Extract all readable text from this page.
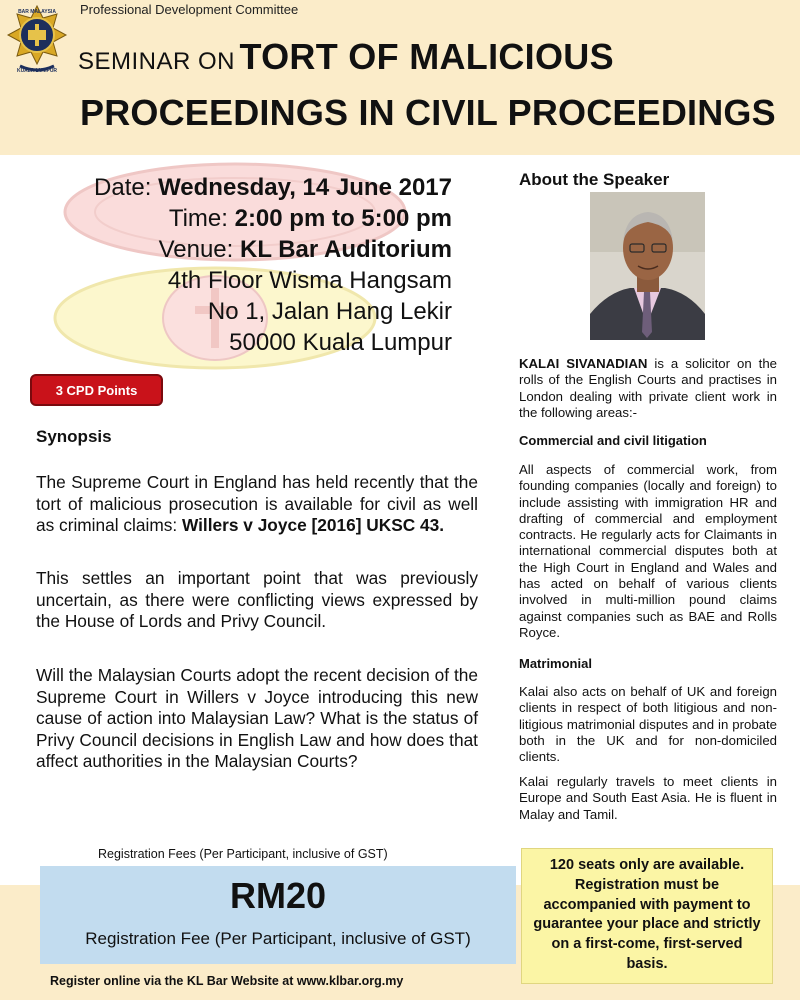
BAR MALAYSIA
KUALA LUMPUR
Professional Development Committee
SEMINAR ON TORT OF MALICIOUS
PROCEEDINGS IN CIVIL PROCEEDINGS
Date: Wednesday, 14 June 2017
Time: 2:00 pm to 5:00 pm
Venue: KL Bar Auditorium
4th Floor Wisma Hangsam
No 1, Jalan Hang Lekir
50000 Kuala Lumpur
3 CPD Points
Synopsis
The Supreme Court in England has held recently that the tort of malicious prosecution is available for civil as well as criminal claims: Willers v Joyce [2016] UKSC 43.
This settles an important point that was previously uncertain, as there were conflicting views expressed by the House of Lords and Privy Council.
Will the Malaysian Courts adopt the recent decision of the Supreme Court in Willers v Joyce introducing this new cause of action into Malaysian Law? What is the status of Privy Council decisions in English Law and how does that affect authorities in the Malaysian Courts?
About the Speaker
KALAI SIVANADIAN is a solicitor on the rolls of the English Courts and practises in London dealing with private client work in the following areas:-
Commercial and civil litigation
All aspects of commercial work, from founding companies (locally and foreign) to include assisting with immigration HR and drafting of commercial and employment contracts. He regularly acts for Claimants in international commercial disputes both at the High Court in England and Wales and has acted on behalf of various clients involved in multi-million pound claims against companies such as BAE and Rolls Royce.
Matrimonial
Kalai also acts on behalf of UK and foreign clients in respect of both litigious and non-litigious matrimonial disputes and in probate both in the UK and for non-domiciled clients.
Kalai regularly travels to meet clients in Europe and South East Asia. He is fluent in Malay and Tamil.
Registration Fees (Per Participant, inclusive of GST)
RM20
Registration Fee (Per Participant, inclusive of GST)
Register online via the KL Bar Website at www.klbar.org.my
120 seats only are available. Registration must be accompanied with payment to guarantee your place and strictly on a first-come, first-served basis.
